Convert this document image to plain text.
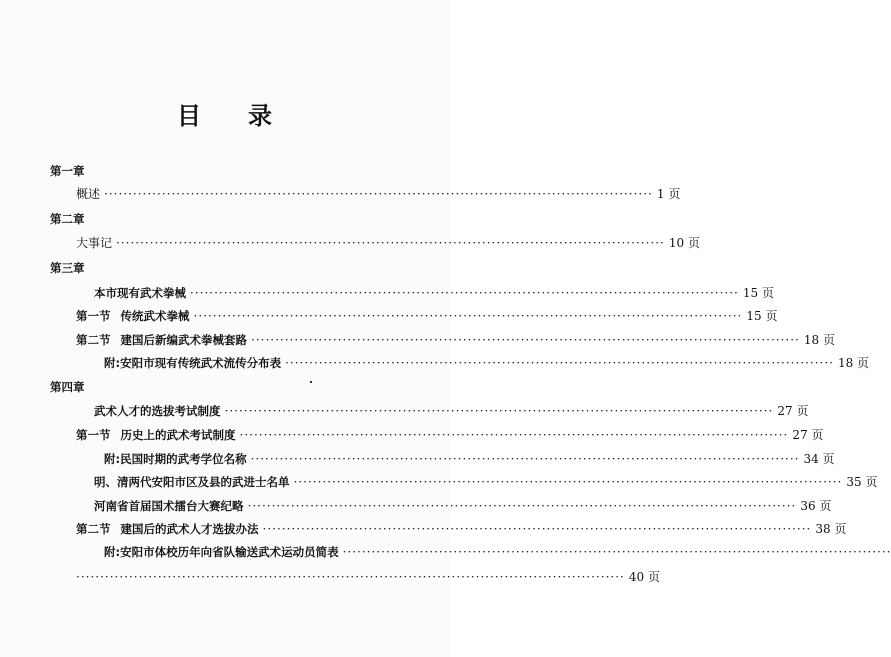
目 录
第一章
概述 ·················································································································· 1 页
第二章
大事记 ·················································································································· 10 页
第三章
本市现有武术拳械 ·················································································································· 15 页
第一节 传统武术拳械 ·················································································································· 15 页
第二节 建国后新编武术拳械套路 ·················································································································· 18 页
附:安阳市现有传统武术流传分布表 ·················································································································· 18 页
第四章
武术人才的选拔考试制度 ·················································································································· 27 页
第一节 历史上的武术考试制度 ·················································································································· 27 页
附:民国时期的武考学位名称 ·················································································································· 34 页
明、清两代安阳市区及县的武进士名单 ·················································································································· 35 页
河南省首届国术擂台大赛纪略 ·················································································································· 36 页
第二节 建国后的武术人才选拔办法 ·················································································································· 38 页
附:安阳市体校历年向省队输送武术运动员简表 ··················································································································
·················································································································· 40 页
